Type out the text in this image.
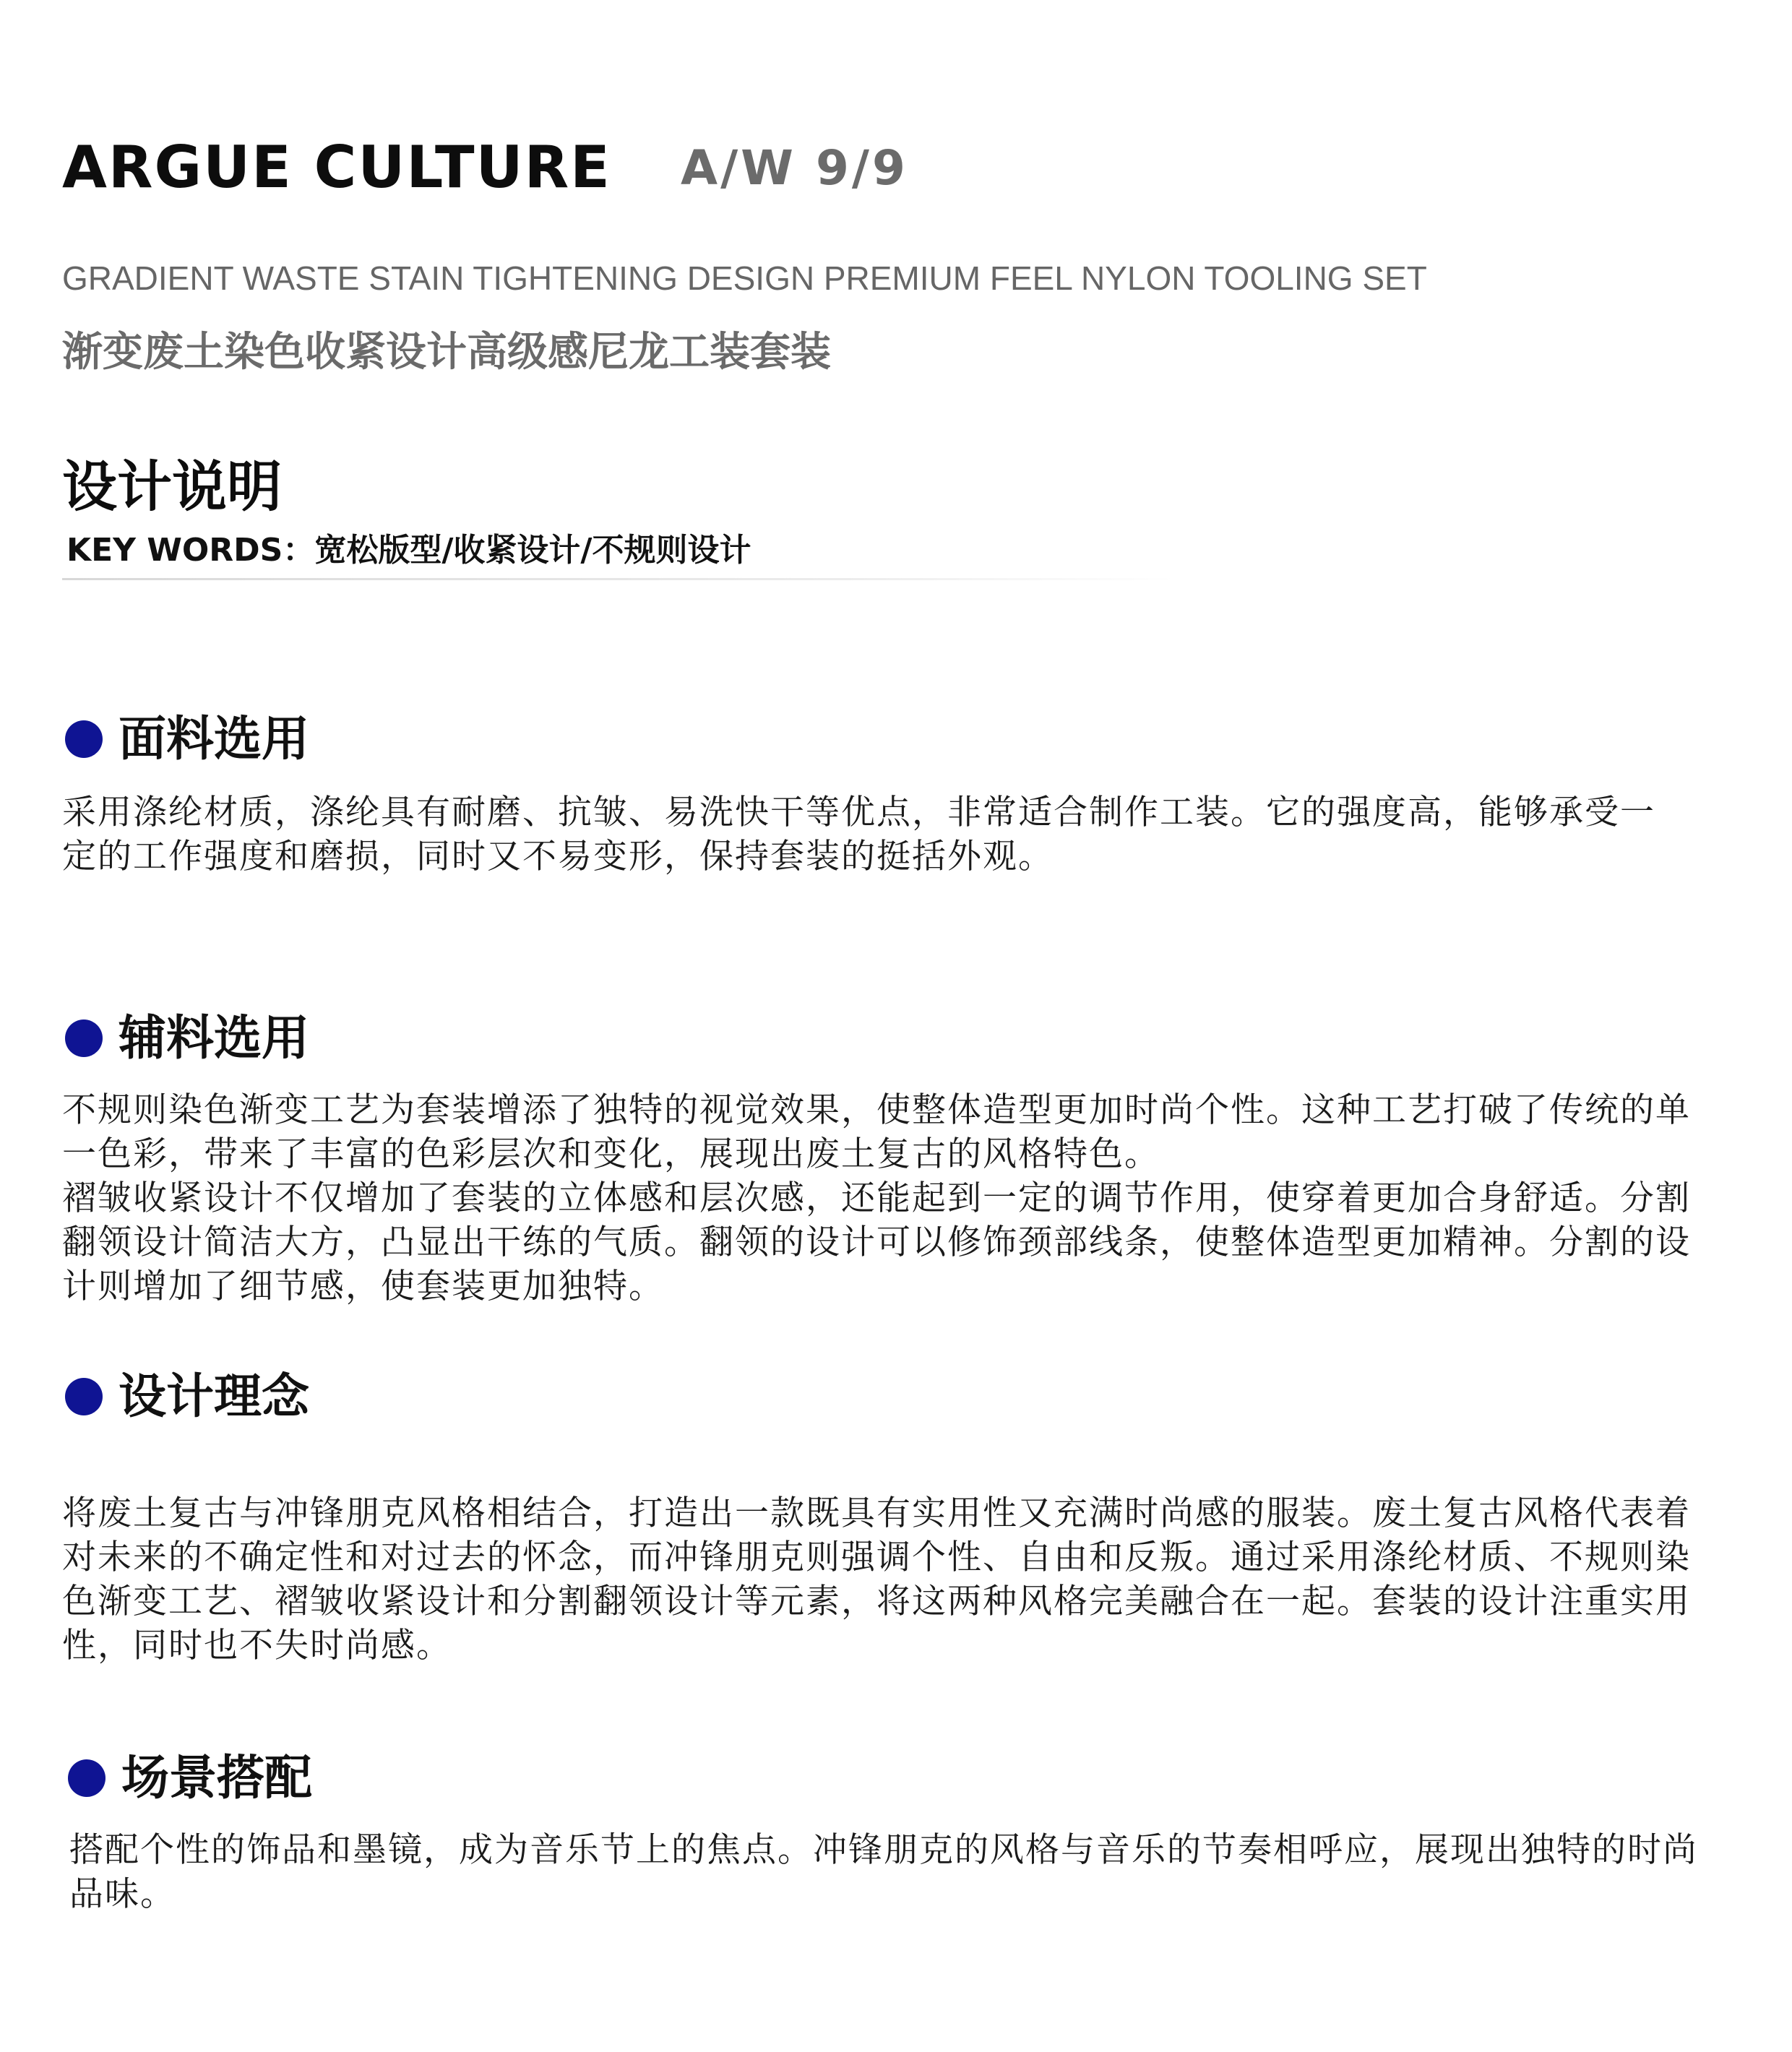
ARGUE CULTURE A/W 9/9
GRADIENT WASTE STAIN TIGHTENING DESIGN PREMIUM FEEL NYLON TOOLING SET
渐变废土染色收紧设计高级感尼龙工装套装
设计说明
KEY WORDS：宽松版型/收紧设计/不规则设计
面料选用

采用涤纶材质，涤纶具有耐磨、抗皱、易洗快干等优点，非常适合制作工装。它的强度高，能够承受一定的工作强度和磨损，同时又不易变形，保持套装的挺括外观。

辅料选用

不规则染色渐变工艺为套装增添了独特的视觉效果，使整体造型更加时尚个性。这种工艺打破了传统的单一色彩，带来了丰富的色彩层次和变化，展现出废土复古的风格特色。

褶皱收紧设计不仅增加了套装的立体感和层次感，还能起到一定的调节作用，使穿着更加合身舒适。分割翻领设计简洁大方，凸显出干练的气质。翻领的设计可以修饰颈部线条，使整体造型更加精神。分割的设计则增加了细节感，使套装更加独特。

设计理念

将废土复古与冲锋朋克风格相结合，打造出一款既具有实用性又充满时尚感的服装。废土复古风格代表着对未来的不确定性和对过去的怀念，而冲锋朋克则强调个性、自由和反叛。通过采用涤纶材质、不规则染色渐变工艺、褶皱收紧设计和分割翻领设计等元素，将这两种风格完美融合在一起。套装的设计注重实用性，同时也不失时尚感。

场景搭配

搭配个性的饰品和墨镜，成为音乐节上的焦点。冲锋朋克的风格与音乐的节奏相呼应，展现出独特的时尚品味。
